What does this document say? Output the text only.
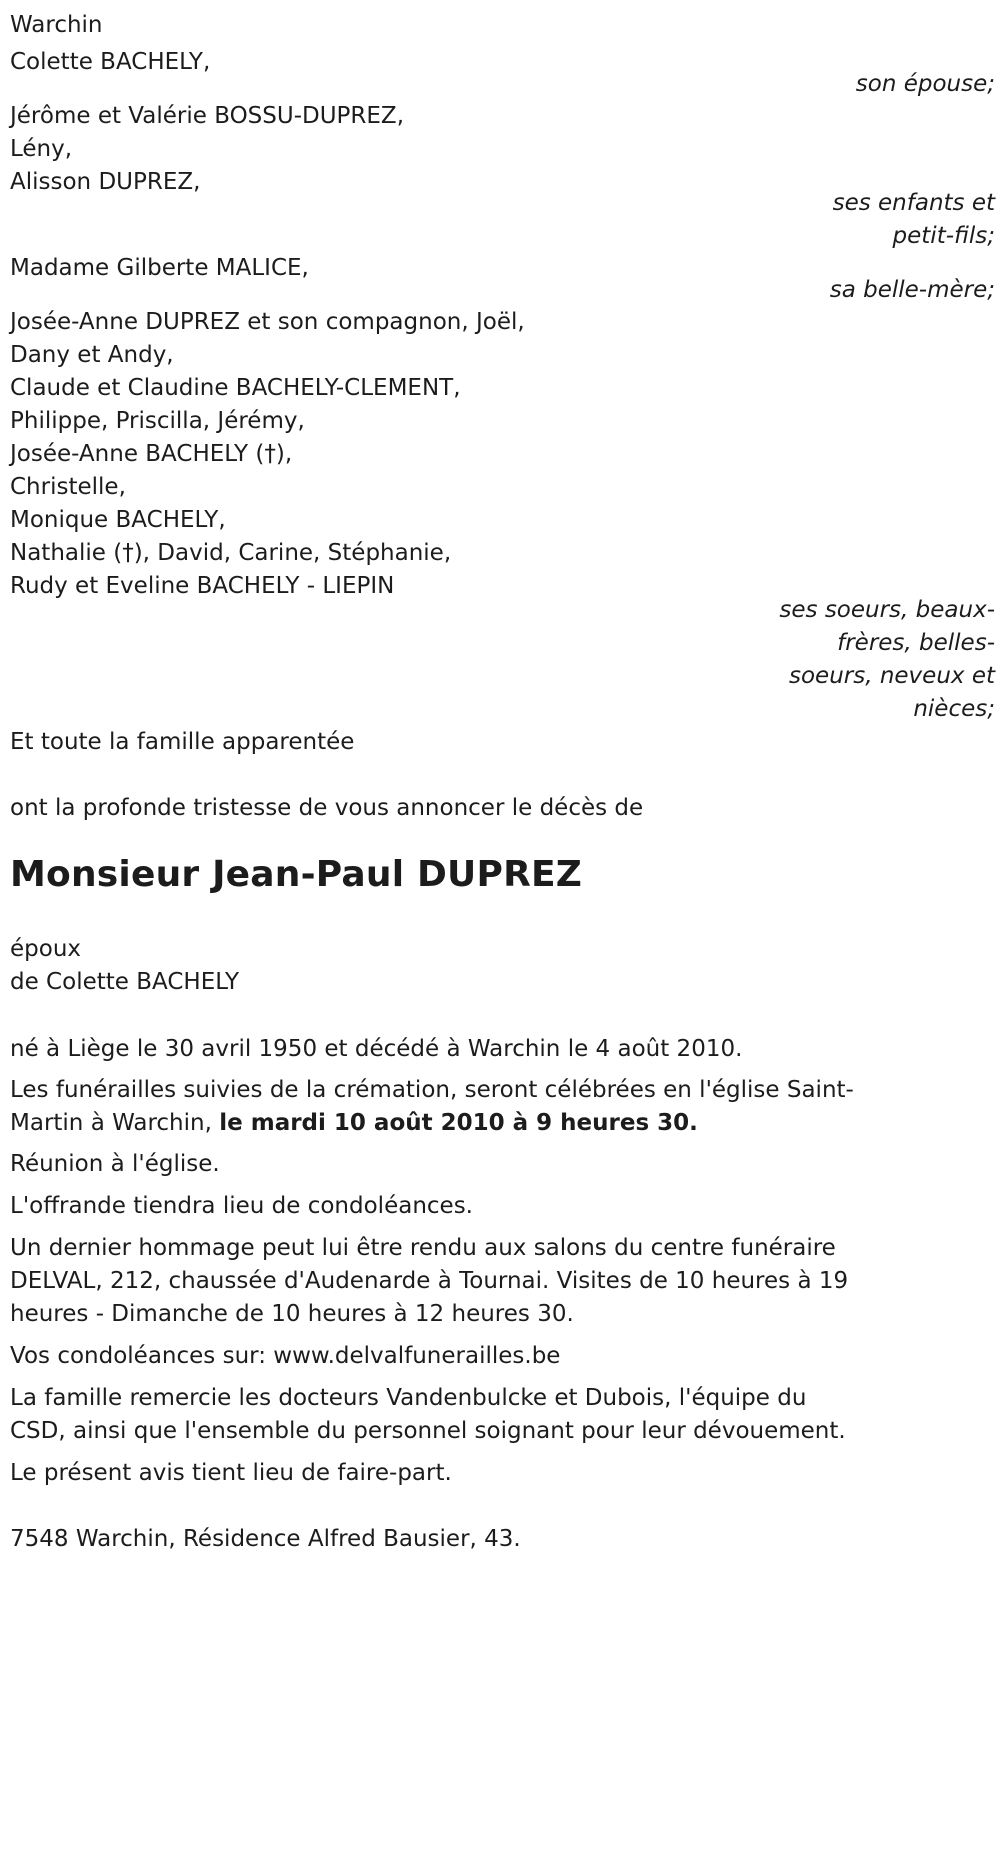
Warchin
Colette BACHELY,
son épouse;
Jérôme et Valérie BOSSU-DUPREZ,
Lény,
Alisson DUPREZ,
ses enfants et
petit-fils;
Madame Gilberte MALICE,
sa belle-mère;
Josée-Anne DUPREZ et son compagnon, Joël,
Dany et Andy,
Claude et Claudine BACHELY-CLEMENT,
Philippe, Priscilla, Jérémy,
Josée-Anne BACHELY (†),
Christelle,
Monique BACHELY,
Nathalie (†), David, Carine, Stéphanie,
Rudy et Eveline BACHELY - LIEPIN
ses soeurs, beaux-
frères, belles-
soeurs, neveux et
nièces;
Et toute la famille apparentée
ont la profonde tristesse de vous annoncer le décès de
Monsieur Jean-Paul DUPREZ
époux
de Colette BACHELY
né à Liège le 30 avril 1950 et décédé à Warchin le 4 août 2010.
Les funérailles suivies de la crémation, seront célébrées en l'église Saint-
Martin à Warchin, le mardi 10 août 2010 à 9 heures 30.
Réunion à l'église.
L'offrande tiendra lieu de condoléances.
Un dernier hommage peut lui être rendu aux salons du centre funéraire
DELVAL, 212, chaussée d'Audenarde à Tournai. Visites de 10 heures à 19
heures - Dimanche de 10 heures à 12 heures 30.
Vos condoléances sur: www.delvalfunerailles.be
La famille remercie les docteurs Vandenbulcke et Dubois, l'équipe du
CSD, ainsi que l'ensemble du personnel soignant pour leur dévouement.
Le présent avis tient lieu de faire-part.
7548 Warchin, Résidence Alfred Bausier, 43.
